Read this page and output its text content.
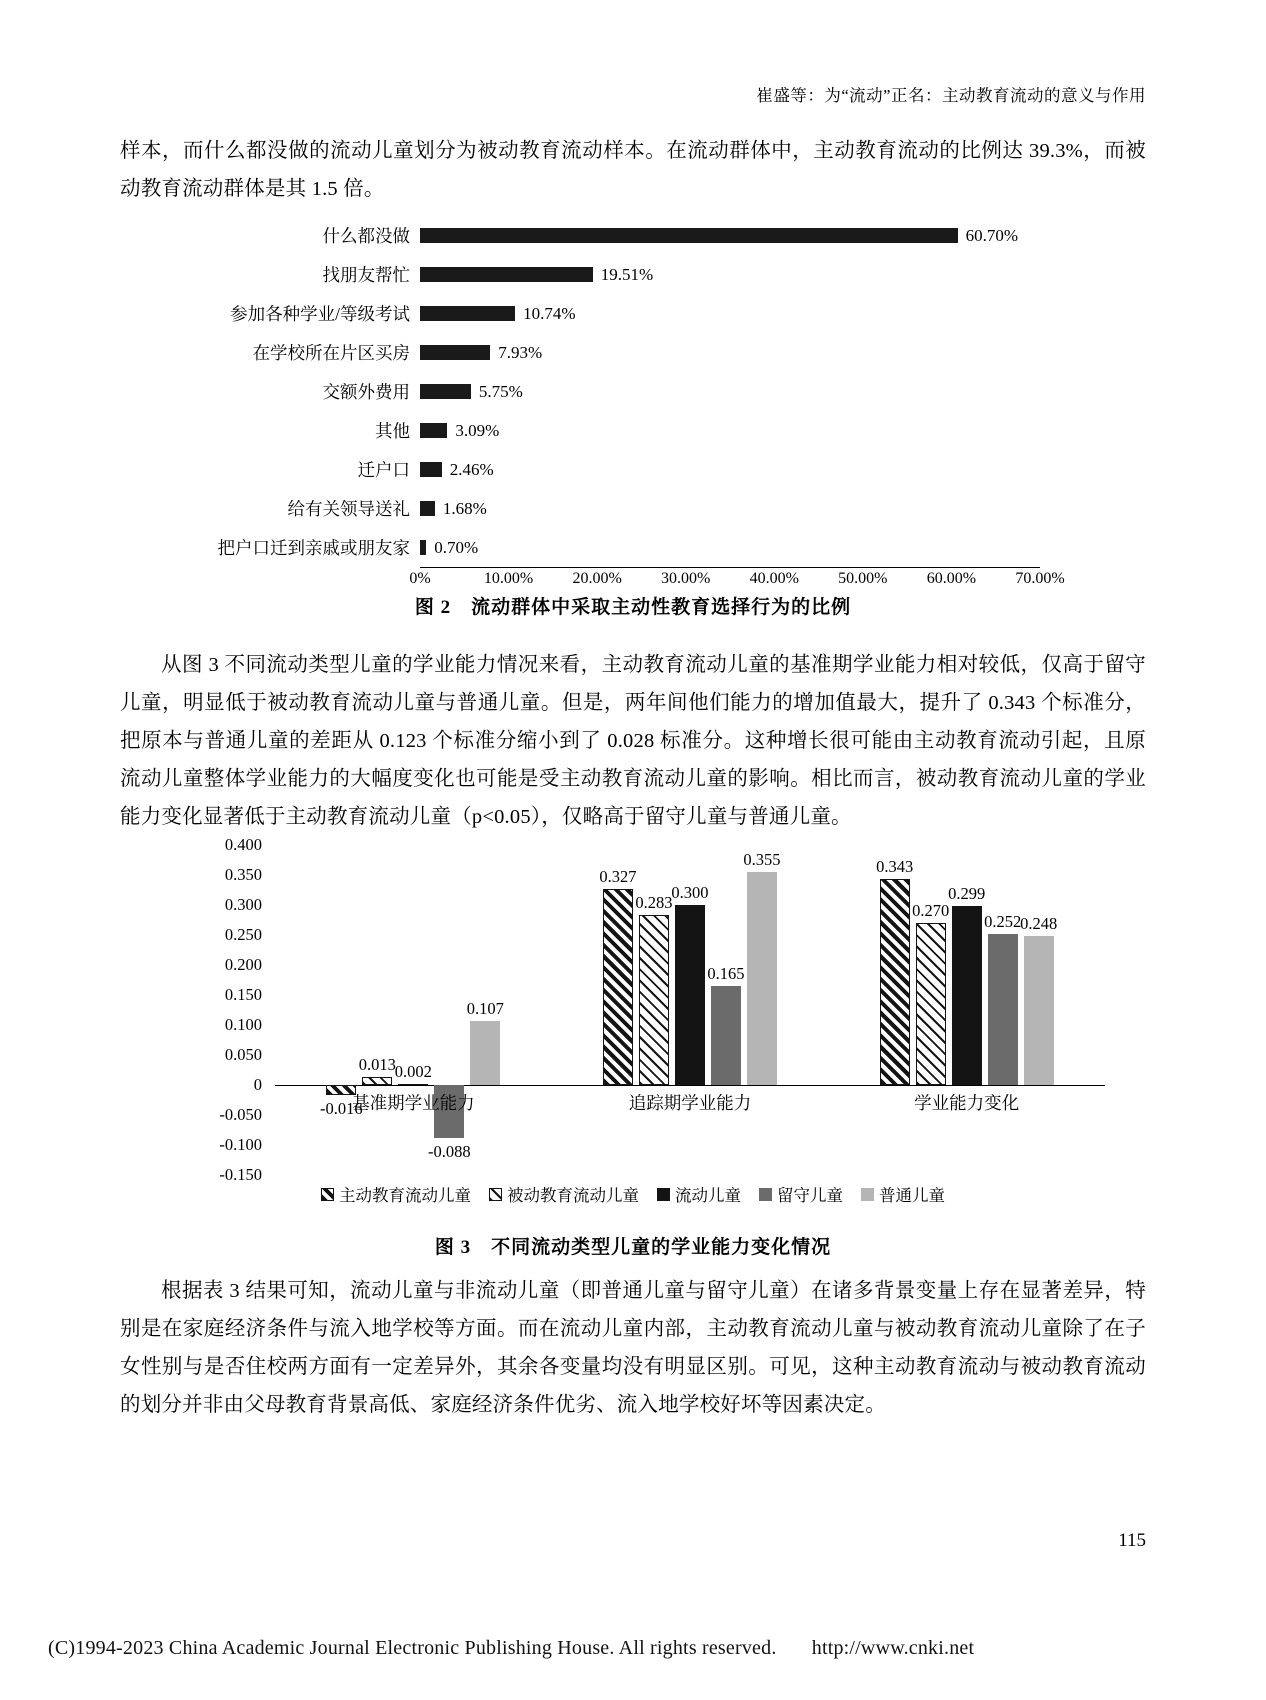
崔盛等：为“流动”正名：主动教育流动的意义与作用
样本，而什么都没做的流动儿童划分为被动教育流动样本。在流动群体中，主动教育流动的比例达 39.3%，而被动教育流动群体是其 1.5 倍。
什么都没做	60.70%
找朋友帮忙	19.51%
参加各种学业/等级考试	10.74%
在学校所在片区买房	7.93%
交额外费用	5.75%
其他	3.09%
迁户口	2.46%
给有关领导送礼	1.68%
把户口迁到亲戚或朋友家	0.70%
0%	10.00% 20.00% 30.00% 40.00% 50.00% 60.00% 70.00%
图 2　流动群体中采取主动性教育选择行为的比例
从图 3 不同流动类型儿童的学业能力情况来看，主动教育流动儿童的基准期学业能力相对较低，仅高于留守儿童，明显低于被动教育流动儿童与普通儿童。但是，两年间他们能力的增加值最大，提升了 0.343 个标准分，把原本与普通儿童的差距从 0.123 个标准分缩小到了 0.028 标准分。这种增长很可能由主动教育流动引起，且原流动儿童整体学业能力的大幅度变化也可能是受主动教育流动儿童的影响。相比而言，被动教育流动儿童的学业能力变化显著低于主动教育流动儿童（p<0.05），仅略高于留守儿童与普通儿童。
0.400
0.350
0.300
0.250
0.200
0.150
0.100
0.050
0
-0.050
-0.100
-0.150
-0.016
0.013
0.002
-0.088
0.107
基准期学业能力
0.327
0.283
0.300
0.165
0.355
追踪期学业能力
0.343
0.270
0.299
0.252
0.248
学业能力变化
主动教育流动儿童 被动教育流动儿童 流动儿童 留守儿童 普通儿童
图 3　不同流动类型儿童的学业能力变化情况
根据表 3 结果可知，流动儿童与非流动儿童（即普通儿童与留守儿童）在诸多背景变量上存在显著差异，特别是在家庭经济条件与流入地学校等方面。而在流动儿童内部，主动教育流动儿童与被动教育流动儿童除了在子女性别与是否住校两方面有一定差异外，其余各变量均没有明显区别。可见，这种主动教育流动与被动教育流动的划分并非由父母教育背景高低、家庭经济条件优劣、流入地学校好坏等因素决定。
115
(C)1994-2023 China Academic Journal Electronic Publishing House. All rights reserved. http://www.cnki.net
